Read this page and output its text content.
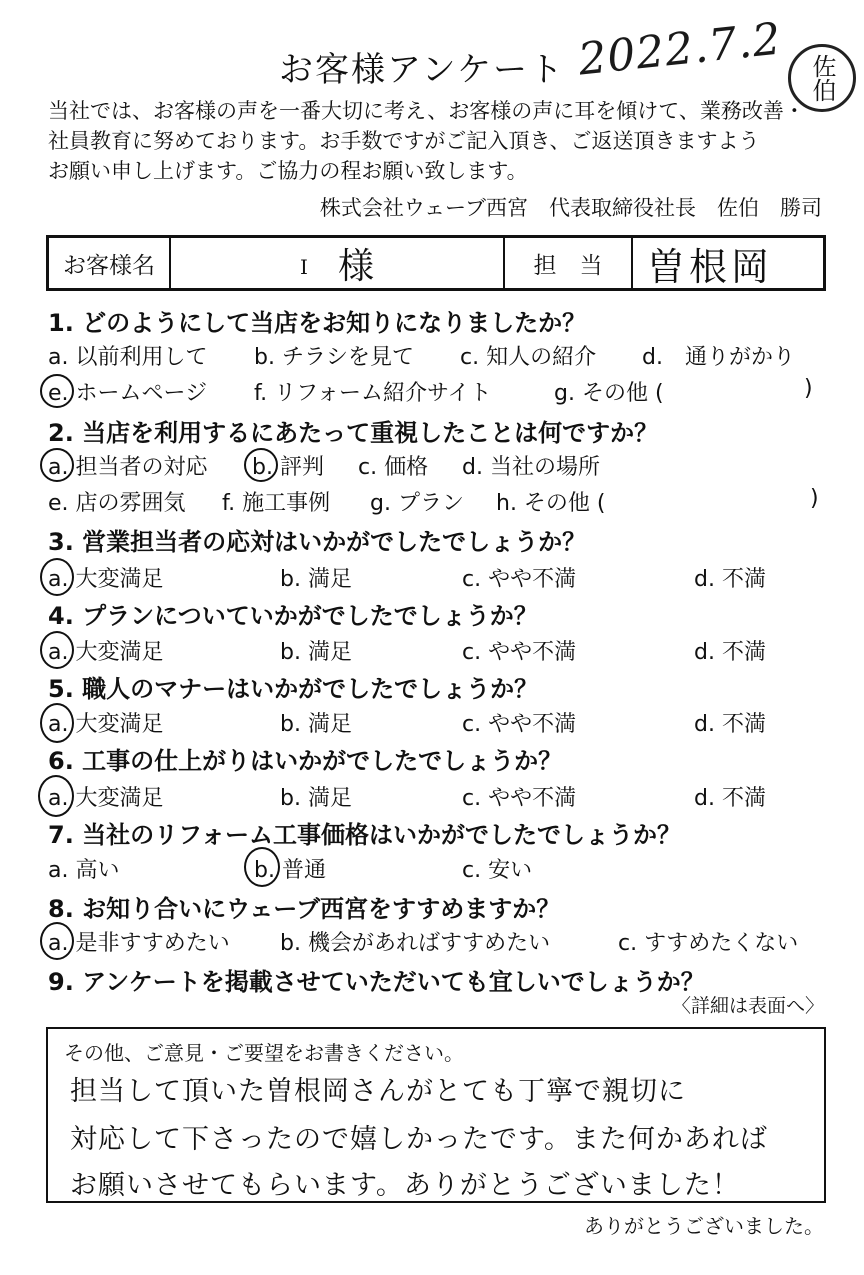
お客様アンケート 2022.7.2 佐伯
当社では、お客様の声を一番大切に考え、お客様の声に耳を傾けて、業務改善・
社員教育に努めております。お手数ですがご記入頂き、ご返送頂きますよう
お願い申し上げます。ご協力の程お願い致します。
株式会社ウェーブ西宮　代表取締役社長　佐伯　勝司
お客様名	I 様	担　当	曽根岡
1. どのようにして当店をお知りになりましたか？
a. 以前利用して b. チラシを見て c. 知人の紹介 d.　通りがかり
e. ホームページ f. リフォーム紹介サイト	g. その他 (	)
2. 当店を利用するにあたって重視したことは何ですか？
a. 担当者の対応 b. 評判 c. 価格 d. 当社の場所
e. 店の雰囲気 f. 施工事例 g. プラン h. その他 (	)
3. 営業担当者の応対はいかがでしたでしょうか？
a. 大変満足	b. 満足	c. やや不満	d. 不満
4. プランについていかがでしたでしょうか？
a. 大変満足	b. 満足	c. やや不満	d. 不満
5. 職人のマナーはいかがでしたでしょうか？
a. 大変満足	b. 満足	c. やや不満	d. 不満
6. 工事の仕上がりはいかがでしたでしょうか？
a. 大変満足	b. 満足	c. やや不満	d. 不満
7. 当社のリフォーム工事価格はいかがでしたでしょうか？
a. 高い	b. 普通	c. 安い
8. お知り合いにウェーブ西宮をすすめますか？
a. 是非すすめたい b. 機会があればすすめたい	c. すすめたくない
9. アンケートを掲載させていただいても宜しいでしょうか？
〈詳細は表面へ〉
その他、ご意見・ご要望をお書きください。
担当して頂いた曽根岡さんがとても丁寧で親切に
対応して下さったので嬉しかったです。また何かあれば
お願いさせてもらいます。ありがとうございました！
ありがとうございました。
